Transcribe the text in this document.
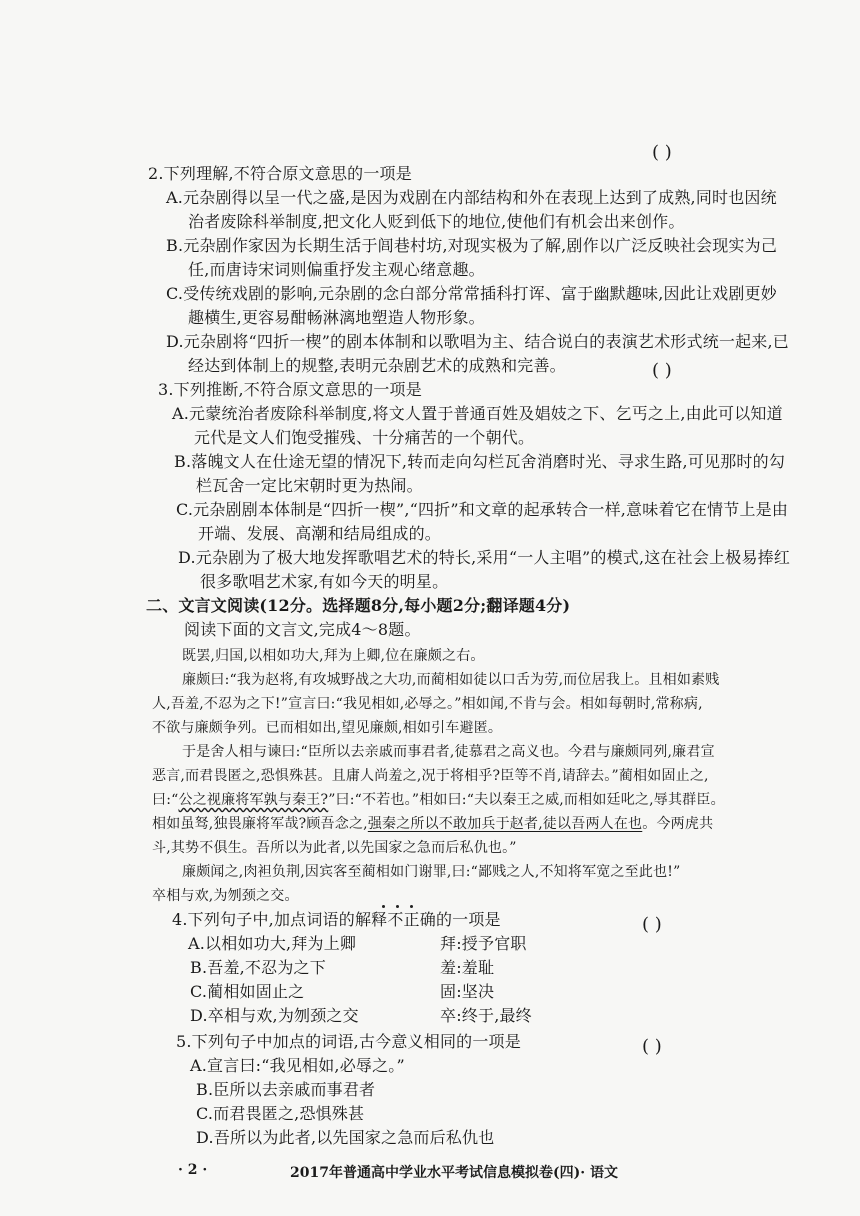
( )
2.下列理解,不符合原文意思的一项是
A.元杂剧得以呈一代之盛,是因为戏剧在内部结构和外在表现上达到了成熟,同时也因统
治者废除科举制度,把文化人贬到低下的地位,使他们有机会出来创作。
B.元杂剧作家因为长期生活于闾巷村坊,对现实极为了解,剧作以广泛反映社会现实为己
任,而唐诗宋词则偏重抒发主观心绪意趣。
C.受传统戏剧的影响,元杂剧的念白部分常常插科打诨、富于幽默趣味,因此让戏剧更妙
趣横生,更容易酣畅淋漓地塑造人物形象。
D.元杂剧将“四折一楔”的剧本体制和以歌唱为主、结合说白的表演艺术形式统一起来,已
经达到体制上的规整,表明元杂剧艺术的成熟和完善。	( )
3.下列推断,不符合原文意思的一项是
A.元蒙统治者废除科举制度,将文人置于普通百姓及娼妓之下、乞丐之上,由此可以知道
元代是文人们饱受摧残、十分痛苦的一个朝代。
B.落魄文人在仕途无望的情况下,转而走向勾栏瓦舍消磨时光、寻求生路,可见那时的勾
栏瓦舍一定比宋朝时更为热闹。
C.元杂剧剧本体制是“四折一楔”,“四折”和文章的起承转合一样,意味着它在情节上是由
开端、发展、高潮和结局组成的。
D.元杂剧为了极大地发挥歌唱艺术的特长,采用“一人主唱”的模式,这在社会上极易捧红
很多歌唱艺术家,有如今天的明星。
二、文言文阅读(12分。选择题8分,每小题2分;翻译题4分)
阅读下面的文言文,完成4～8题。
既罢,归国,以相如功大,拜为上卿,位在廉颇之右。
廉颇曰:“我为赵将,有攻城野战之大功,而蔺相如徒以口舌为劳,而位居我上。且相如素贱
人,吾羞,不忍为之下!”宣言曰:“我见相如,必辱之。”相如闻,不肯与会。相如每朝时,常称病,
不欲与廉颇争列。已而相如出,望见廉颇,相如引车避匿。
于是舍人相与谏曰:“臣所以去亲戚而事君者,徒慕君之高义也。今君与廉颇同列,廉君宣
恶言,而君畏匿之,恐惧殊甚。且庸人尚羞之,况于将相乎?臣等不肖,请辞去。”蔺相如固止之,
曰:“公之视廉将军孰与秦王?”曰:“不若也。”相如曰:“夫以秦王之威,而相如廷叱之,辱其群臣。
相如虽驽,独畏廉将军哉?顾吾念之,强秦之所以不敢加兵于赵者,徒以吾两人在也。今两虎共
斗,其势不俱生。吾所以为此者,以先国家之急而后私仇也。”
廉颇闻之,肉袒负荆,因宾客至蔺相如门谢罪,曰:“鄙贱之人,不知将军宽之至此也!”
卒相与欢,为刎颈之交。
( )
4.下列句子中,加点词语的解释不正确的一项是
A.以相如功大,拜为上卿	拜:授予官职
B.吾羞,不忍为之下	羞:羞耻
C.蔺相如固止之	固:坚决
D.卒相与欢,为刎颈之交	卒:终于,最终
( )
5.下列句子中加点的词语,古今意义相同的一项是
A.宣言曰:“我见相如,必辱之。”
B.臣所以去亲戚而事君者
C.而君畏匿之,恐惧殊甚
D.吾所以为此者,以先国家之急而后私仇也
· 2 ·	2017年普通高中学业水平考试信息模拟卷(四)· 语文
